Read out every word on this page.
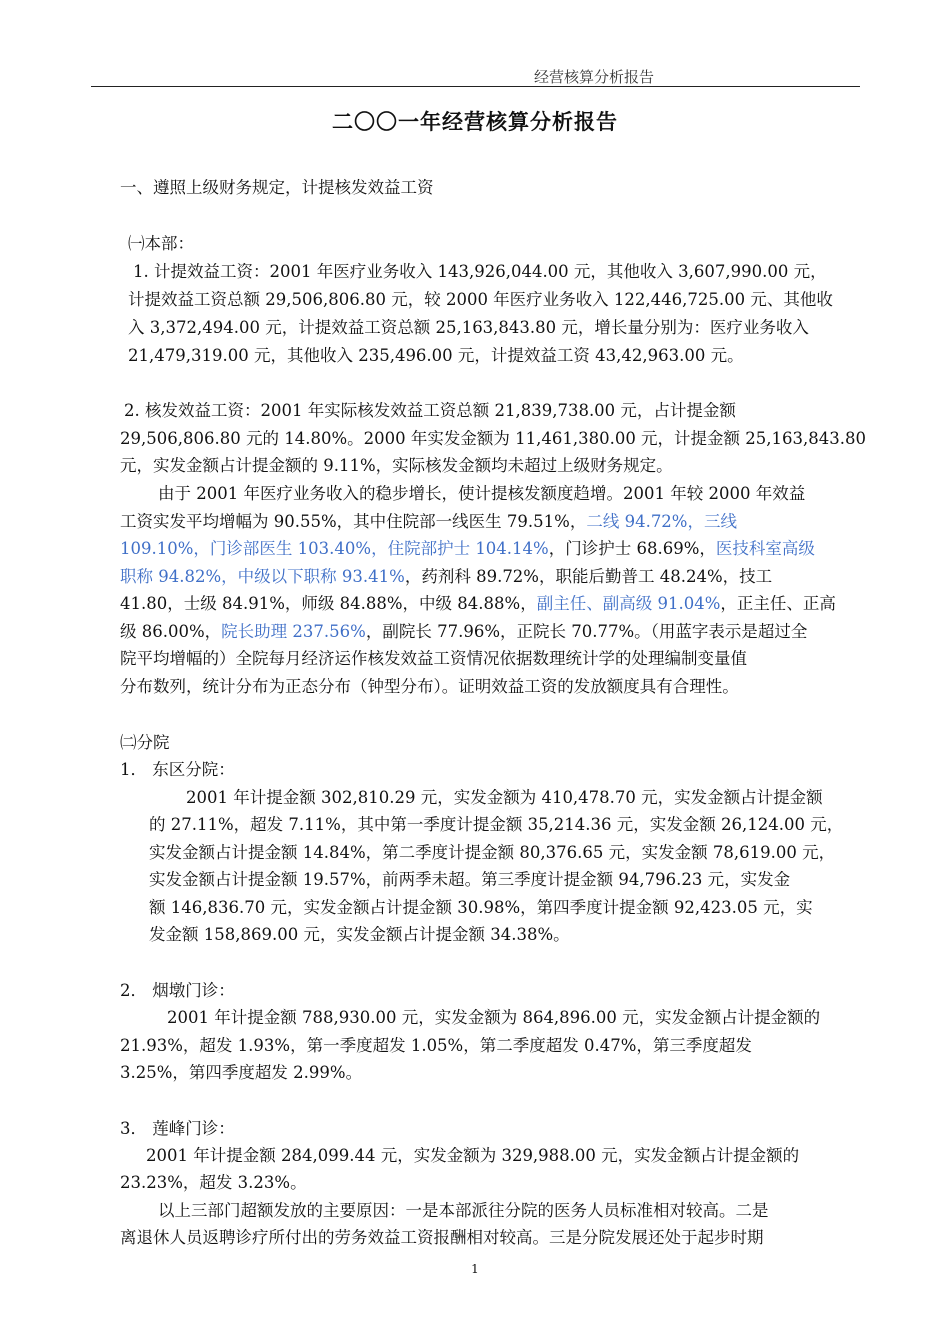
经营核算分析报告
二〇〇一年经营核算分析报告
一、遵照上级财务规定，计提核发效益工资
㈠本部：
1. 计提效益工资：2001 年医疗业务收入 143,926,044.00 元，其他收入 3,607,990.00 元，
计提效益工资总额 29,506,806.80 元，较 2000 年医疗业务收入 122,446,725.00 元、其他收
入 3,372,494.00 元，计提效益工资总额 25,163,843.80 元，增长量分别为：医疗业务收入
21,479,319.00 元，其他收入 235,496.00 元，计提效益工资 43,42,963.00 元。
2. 核发效益工资：2001 年实际核发效益工资总额 21,839,738.00 元，占计提金额
29,506,806.80 元的 14.80%。2000 年实发金额为 11,461,380.00 元，计提金额 25,163,843.80
元，实发金额占计提金额的 9.11%，实际核发金额均未超过上级财务规定。
由于 2001 年医疗业务收入的稳步增长，使计提核发额度趋增。2001 年较 2000 年效益
工资实发平均增幅为 90.55%，其中住院部一线医生 79.51%，二线 94.72%，三线
109.10%，门诊部医生 103.40%，住院部护士 104.14%，门诊护士 68.69%，医技科室高级
职称 94.82%，中级以下职称 93.41%，药剂科 89.72%，职能后勤普工 48.24%，技工
41.80，士级 84.91%，师级 84.88%，中级 84.88%，副主任、副高级 91.04%，正主任、正高
级 86.00%，院长助理 237.56%，副院长 77.96%，正院长 70.77%。（用蓝字表示是超过全
院平均增幅的）全院每月经济运作核发效益工资情况依据数理统计学的处理编制变量值
分布数列，统计分布为正态分布（钟型分布）。证明效益工资的发放额度具有合理性。
㈡分院
1． 东区分院：
2001 年计提金额 302,810.29 元，实发金额为 410,478.70 元，实发金额占计提金额
的 27.11%，超发 7.11%，其中第一季度计提金额 35,214.36 元，实发金额 26,124.00 元，
实发金额占计提金额 14.84%，第二季度计提金额 80,376.65 元，实发金额 78,619.00 元，
实发金额占计提金额 19.57%，前两季未超。第三季度计提金额 94,796.23 元，实发金
额 146,836.70 元，实发金额占计提金额 30.98%，第四季度计提金额 92,423.05 元，实
发金额 158,869.00 元，实发金额占计提金额 34.38%。
2． 烟墩门诊：
2001 年计提金额 788,930.00 元，实发金额为 864,896.00 元，实发金额占计提金额的
21.93%，超发 1.93%，第一季度超发 1.05%，第二季度超发 0.47%，第三季度超发
3.25%，第四季度超发 2.99%。
3． 莲峰门诊：
2001 年计提金额 284,099.44 元，实发金额为 329,988.00 元，实发金额占计提金额的
23.23%，超发 3.23%。
以上三部门超额发放的主要原因：一是本部派往分院的医务人员标准相对较高。二是
离退休人员返聘诊疗所付出的劳务效益工资报酬相对较高。三是分院发展还处于起步时期
1
